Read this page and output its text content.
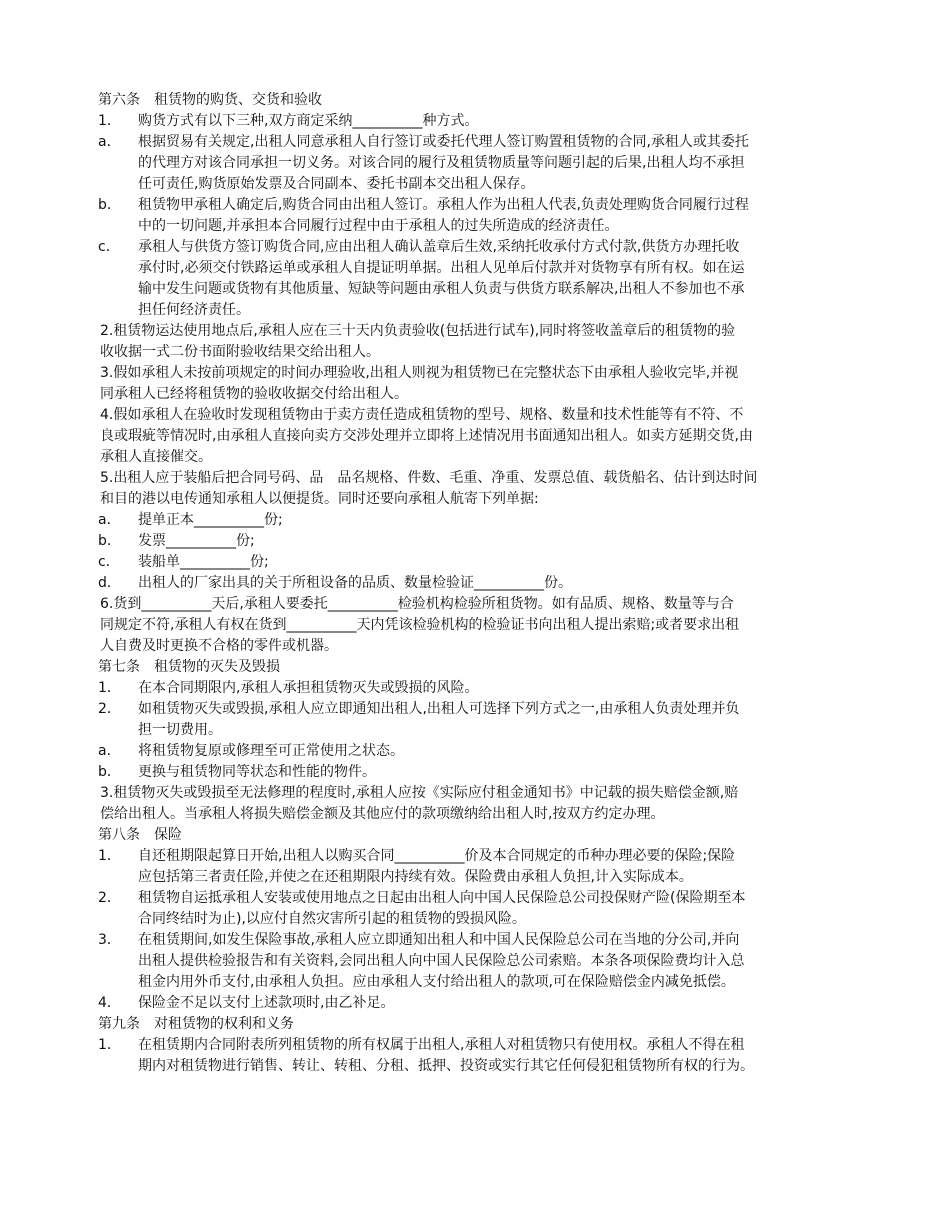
第六条　租赁物的购货、交货和验收
1． 购货方式有以下三种,双方商定采纳__________种方式。
a． 根据贸易有关规定,出租人同意承租人自行签订或委托代理人签订购置租赁物的合同,承租人或其委托
的代理方对该合同承担一切义务。对该合同的履行及租赁物质量等问题引起的后果,出租人均不承担
任可责任,购货原始发票及合同副本、委托书副本交出租人保存。
b． 租赁物甲承租人确定后,购货合同由出租人签订。承租人作为出租人代表,负责处理购货合同履行过程
中的一切问题,并承担本合同履行过程中由于承租人的过失所造成的经济责任。
c． 承租人与供货方签订购货合同,应由出租人确认盖章后生效,采纳托收承付方式付款,供货方办理托收
承付时,必须交付铁路运单或承租人自提证明单据。出租人见单后付款并对货物享有所有权。如在运
输中发生问题或货物有其他质量、短缺等问题由承租人负责与供货方联系解决,出租人不参加也不承
担任何经济责任。
2.租赁物运达使用地点后,承租人应在三十天内负责验收(包括进行试车),同时将签收盖章后的租赁物的验
收收据一式二份书面附验收结果交给出租人。
3.假如承租人未按前项规定的时间办理验收,出租人则视为租赁物已在完整状态下由承租人验收完毕,并视
同承租人已经将租赁物的验收收据交付给出租人。
4.假如承租人在验收时发现租赁物由于卖方责任造成租赁物的型号、规格、数量和技术性能等有不符、不
良或瑕疵等情况时,由承租人直接向卖方交涉处理并立即将上述情况用书面通知出租人。如卖方延期交货,由
承租人直接催交。
5.出租人应于装船后把合同号码、品　品名规格、件数、毛重、净重、发票总值、载货船名、估计到达时间
和目的港以电传通知承租人以便提货。同时还要向承租人航寄下列单据:
a． 提单正本__________份;
b． 发票__________份;
c． 装船单__________份;
d． 出租人的厂家出具的关于所租设备的品质、数量检验证__________份。
6.货到__________天后,承租人要委托__________检验机构检验所租货物。如有品质、规格、数量等与合
同规定不符,承租人有权在货到__________天内凭该检验机构的检验证书向出租人提出索赔;或者要求出租
人自费及时更换不合格的零件或机器。
第七条　租赁物的灭失及毁损
1． 在本合同期限内,承租人承担租赁物灭失或毁损的风险。
2． 如租赁物灭失或毁损,承租人应立即通知出租人,出租人可选择下列方式之一,由承租人负责处理并负
担一切费用。
a． 将租赁物复原或修理至可正常使用之状态。
b． 更换与租赁物同等状态和性能的物件。
3.租赁物灭失或毁损至无法修理的程度时,承租人应按《实际应付租金通知书》中记载的损失赔偿金额,赔
偿给出租人。当承租人将损失赔偿金额及其他应付的款项缴纳给出租人时,按双方约定办理。
第八条　保险
1． 自还租期限起算日开始,出租人以购买合同__________价及本合同规定的币种办理必要的保险;保险
应包括第三者责任险,并使之在还租期限内持续有效。保险费由承租人负担,计入实际成本。
2． 租赁物自运抵承租人安装或使用地点之日起由出租人向中国人民保险总公司投保财产险(保险期至本
合同终结时为止),以应付自然灾害所引起的租赁物的毁损风险。
3． 在租赁期间,如发生保险事故,承租人应立即通知出租人和中国人民保险总公司在当地的分公司,并向
出租人提供检验报告和有关资料,会同出租人向中国人民保险总公司索赔。本条各项保险费均计入总
租金内用外币支付,由承租人负担。应由承租人支付给出租人的款项,可在保险赔偿金内减免抵偿。
4． 保险金不足以支付上述款项时,由乙补足。
第九条　对租赁物的权利和义务
1． 在租赁期内合同附表所列租赁物的所有权属于出租人,承租人对租赁物只有使用权。承租人不得在租
期内对租赁物进行销售、转让、转租、分租、抵押、投资或实行其它任何侵犯租赁物所有权的行为。
